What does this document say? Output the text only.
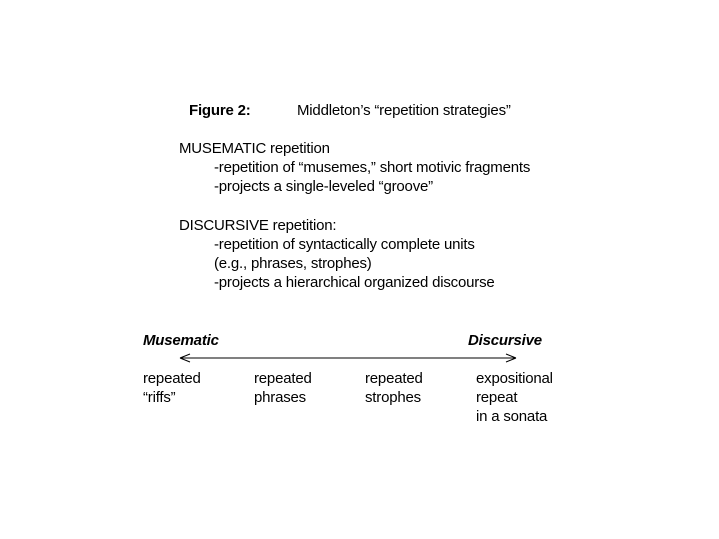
Figure 2:	Middleton’s “repetition strategies”
MUSEMATIC repetition
-repetition of “musemes,” short motivic fragments
-projects a single-leveled “groove”
DISCURSIVE repetition:
-repetition of syntactically complete units
(e.g., phrases, strophes)
-projects a hierarchical organized discourse
Musematic	Discursive
repeated
“riffs”
repeated
phrases
repeated
strophes
expositional
repeat
in a sonata
